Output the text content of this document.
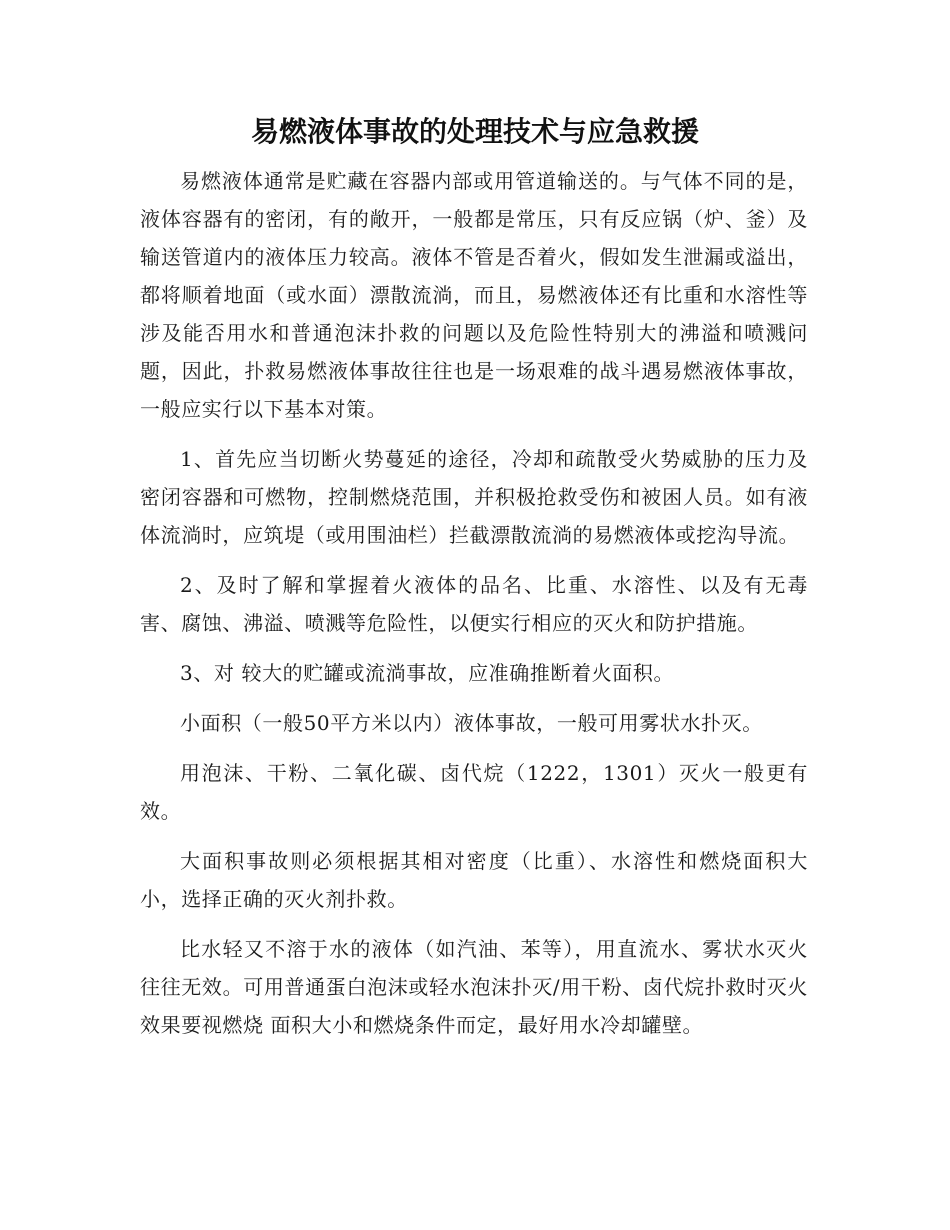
易燃液体事故的处理技术与应急救援

易燃液体通常是贮藏在容器内部或用管道输送的。与气体不同的是，液体容器有的密闭，有的敞开，一般都是常压，只有反应锅（炉、釜）及输送管道内的液体压力较高。液体不管是否着火，假如发生泄漏或溢出，都将顺着地面（或水面）漂散流淌，而且，易燃液体还有比重和水溶性等涉及能否用水和普通泡沫扑救的问题以及危险性特别大的沸溢和喷溅问题，因此，扑救易燃液体事故往往也是一场艰难的战斗遇易燃液体事故，一般应实行以下基本对策。

1、首先应当切断火势蔓延的途径，冷却和疏散受火势威胁的压力及密闭容器和可燃物，控制燃烧范围，并积极抢救受伤和被困人员。如有液体流淌时，应筑堤（或用围油栏）拦截漂散流淌的易燃液体或挖沟导流。

2、及时了解和掌握着火液体的品名、比重、水溶性、以及有无毒害、腐蚀、沸溢、喷溅等危险性，以便实行相应的灭火和防护措施。

3、对 较大的贮罐或流淌事故，应准确推断着火面积。

小面积（一般50平方米以内）液体事故，一般可用雾状水扑灭。

用泡沫、干粉、二氧化碳、卤代烷（1222，1301）灭火一般更有效。

大面积事故则必须根据其相对密度（比重）、水溶性和燃烧面积大小，选择正确的灭火剂扑救。

比水轻又不溶于水的液体（如汽油、苯等），用直流水、雾状水灭火往往无效。可用普通蛋白泡沫或轻水泡沫扑灭/用干粉、卤代烷扑救时灭火效果要视燃烧 面积大小和燃烧条件而定，最好用水冷却罐壁。
